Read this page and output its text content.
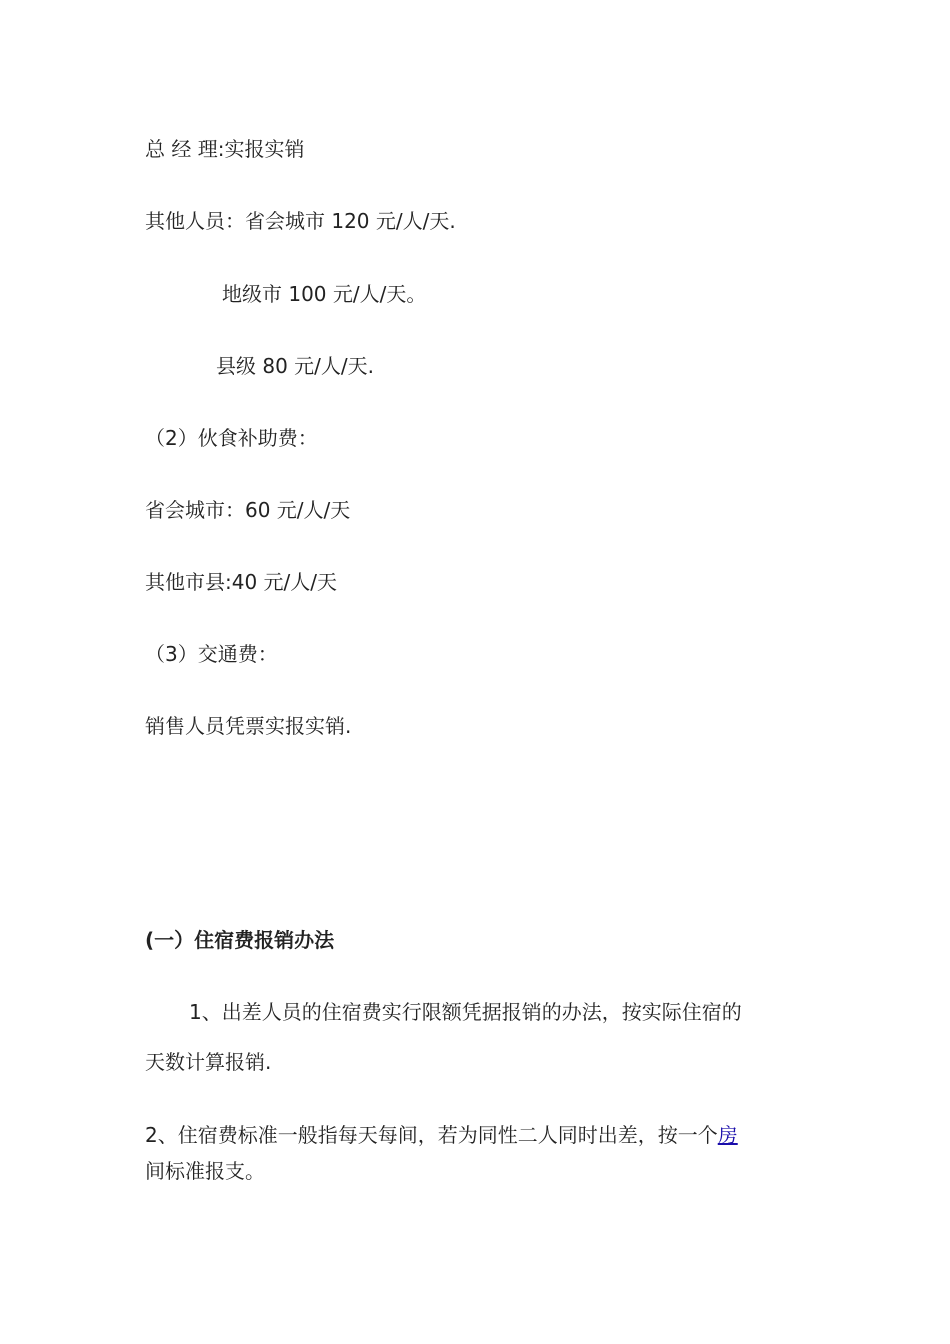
总 经 理:实报实销
其他人员：省会城市 120 元/人/天.
地级市 100 元/人/天。
县级 80 元/人/天.
（2）伙食补助费：
省会城市：60 元/人/天
其他市县:40 元/人/天
（3）交通费：
销售人员凭票实报实销.
(一）住宿费报销办法
1、出差人员的住宿费实行限额凭据报销的办法，按实际住宿的
天数计算报销.
2、住宿费标准一般指每天每间，若为同性二人同时出差，按一个房
间标准报支。
